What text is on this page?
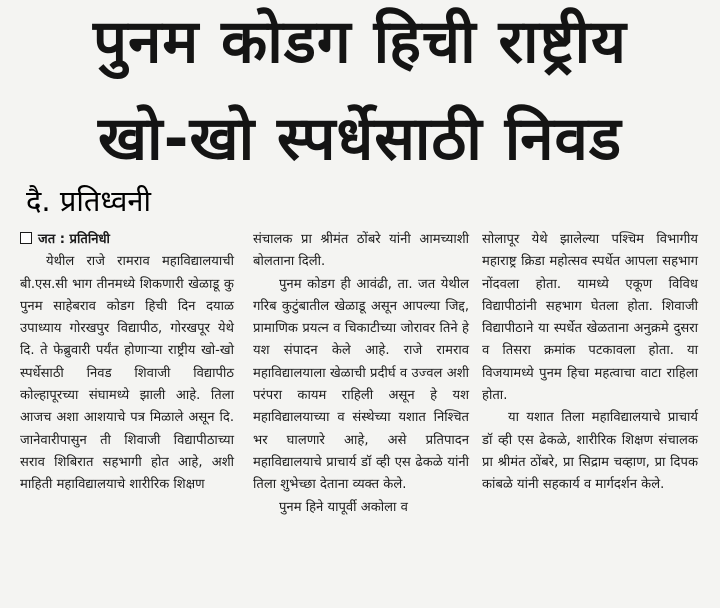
पुनम कोडग हिची राष्ट्रीय
खो-खो स्पर्धेसाठी निवड
दै. प्रतिध्वनी

जत : प्रतिनिधी

येथील राजे रामराव महाविद्यालयाची बी.एस.सी भाग तीनमध्ये शिकणारी खेळाडू कु पुनम साहेबराव कोडग हिची दिन दयाळ उपाध्याय गोरखपुर विद्यापीठ, गोरखपूर येथे दि. ते फेब्रुवारी पर्यंत होणाऱ्या राष्ट्रीय खो-खो स्पर्धेसाठी निवड शिवाजी विद्यापीठ कोल्हापूरच्या संघामध्ये झाली आहे. तिला आजच अशा आशयाचे पत्र मिळाले असून दि. जानेवारीपासुन ती शिवाजी विद्यापीठाच्या सराव शिबिरात सहभागी होत आहे, अशी माहिती महाविद्यालयाचे शारीरिक शिक्षण

संचालक प्रा श्रीमंत ठोंबरे यांनी आमच्याशी बोलताना दिली.

पुनम कोडग ही आवंढी, ता. जत येथील गरिब कुटुंबातील खेळाडू असून आपल्या जिद्द, प्रामाणिक प्रयत्न व चिकाटीच्या जोरावर तिने हे यश संपादन केले आहे. राजे रामराव महाविद्यालयाला खेळाची प्रदीर्घ व उज्वल अशी परंपरा कायम राहिली असून हे यश महाविद्यालयाच्या व संस्थेच्या यशात निश्चित भर घालणारे आहे, असे प्रतिपादन महाविद्यालयाचे प्राचार्य डॉ व्ही एस ढेकळे यांनी तिला शुभेच्छा देताना व्यक्त केले.

पुनम हिने यापूर्वी अकोला व

सोलापूर येथे झालेल्या पश्चिम विभागीय महाराष्ट्र क्रिडा महोत्सव स्पर्धेत आपला सहभाग नोंदवला होता. यामध्ये एकूण विविध विद्यापीठांनी सहभाग घेतला होता. शिवाजी विद्यापीठाने या स्पर्धेत खेळताना अनुक्रमे दुसरा व तिसरा क्रमांक पटकावला होता. या विजयामध्ये पुनम हिचा महत्वाचा वाटा राहिला होता.

या यशात तिला महाविद्यालयाचे प्राचार्य डॉ व्ही एस ढेकळे, शारीरिक शिक्षण संचालक प्रा श्रीमंत ठोंबरे, प्रा सिद्राम चव्हाण, प्रा दिपक कांबळे यांनी सहकार्य व मार्गदर्शन केले.
